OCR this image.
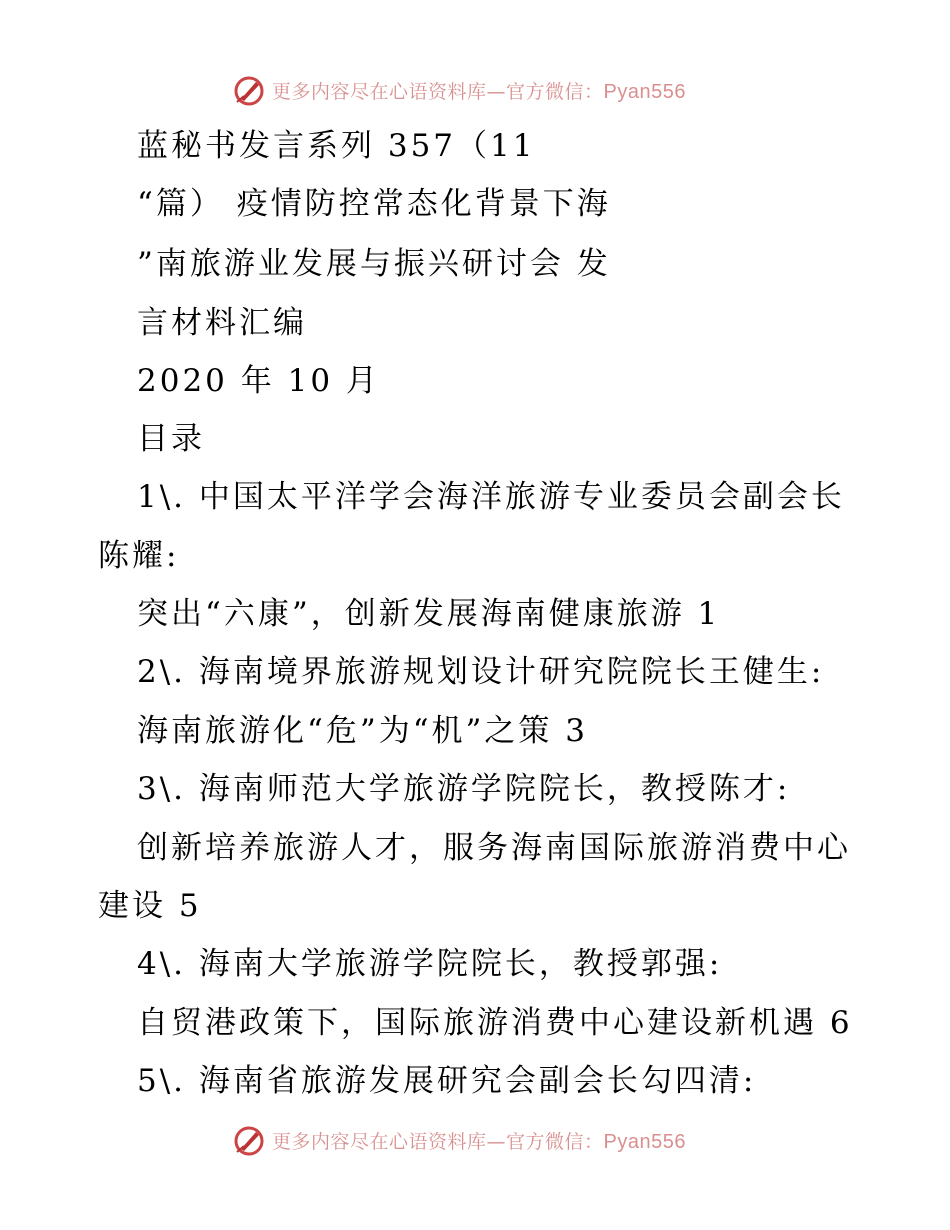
更多内容尽在心语资料库—官方微信：Pyan556
蓝秘书发言系列 357（11
“篇） 疫情防控常态化背景下海
”南旅游业发展与振兴研讨会 发
言材料汇编
2020 年 10 月
目录
1\. 中国太平洋学会海洋旅游专业委员会副会长
陈耀:
突出“六康”，创新发展海南健康旅游 1
2\. 海南境界旅游规划设计研究院院长王健生:
海南旅游化“危”为“机”之策 3
3\. 海南师范大学旅游学院院长，教授陈才:
创新培养旅游人才，服务海南国际旅游消费中心
建设 5
4\. 海南大学旅游学院院长，教授郭强:
自贸港政策下，国际旅游消费中心建设新机遇 6
5\. 海南省旅游发展研究会副会长勾四清:
更多内容尽在心语资料库—官方微信：Pyan556
